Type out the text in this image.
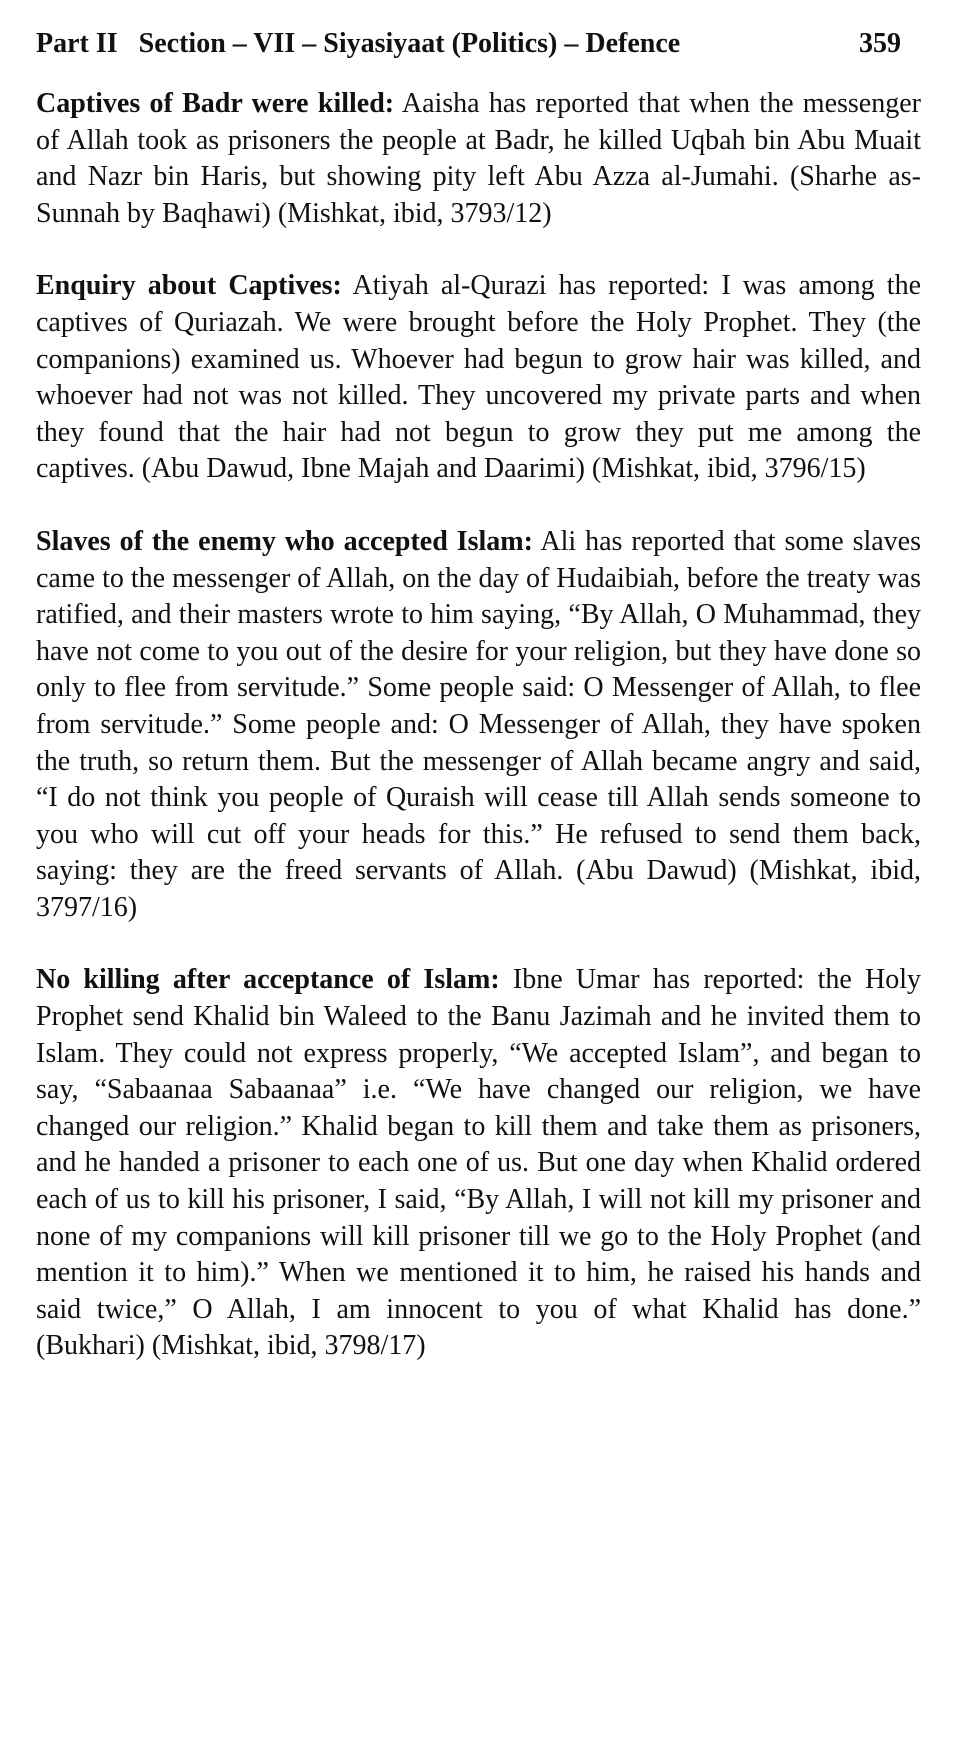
Part II Section – VII – Siyasiyaat (Politics) – Defence	359

Captives of Badr were killed: Aaisha has reported that when the messenger of Allah took as prisoners the people at Badr, he killed Uqbah bin Abu Muait and Nazr bin Haris, but showing pity left Abu Azza al-Jumahi. (Sharhe as-Sunnah by Baqhawi) (Mishkat, ibid, 3793/12)

Enquiry about Captives: Atiyah al-Qurazi has reported: I was among the captives of Quriazah. We were brought before the Holy Prophet. They (the companions) examined us. Whoever had begun to grow hair was killed, and whoever had not was not killed. They uncovered my private parts and when they found that the hair had not begun to grow they put me among the captives. (Abu Dawud, Ibne Majah and Daarimi) (Mishkat, ibid, 3796/15)

Slaves of the enemy who accepted Islam: Ali has reported that some slaves came to the messenger of Allah, on the day of Hudaibiah, before the treaty was ratified, and their masters wrote to him saying, “By Allah, O Muhammad, they have not come to you out of the desire for your religion, but they have done so only to flee from servitude.” Some people said: O Messenger of Allah, to flee from servitude.” Some people and: O Messenger of Allah, they have spoken the truth, so return them. But the messenger of Allah became angry and said, “I do not think you people of Quraish will cease till Allah sends someone to you who will cut off your heads for this.” He refused to send them back, saying: they are the freed servants of Allah. (Abu Dawud) (Mishkat, ibid, 3797/16)

No killing after acceptance of Islam: Ibne Umar has reported: the Holy Prophet send Khalid bin Waleed to the Banu Jazimah and he invited them to Islam. They could not express properly, “We accepted Islam”, and began to say, “Sabaanaa Sabaanaa” i.e. “We have changed our religion, we have changed our religion.” Khalid began to kill them and take them as prisoners, and he handed a prisoner to each one of us. But one day when Khalid ordered each of us to kill his prisoner, I said, “By Allah, I will not kill my prisoner and none of my companions will kill prisoner till we go to the Holy Prophet (and mention it to him).” When we mentioned it to him, he raised his hands and said twice,” O Allah, I am innocent to you of what Khalid has done.” (Bukhari) (Mishkat, ibid, 3798/17)
